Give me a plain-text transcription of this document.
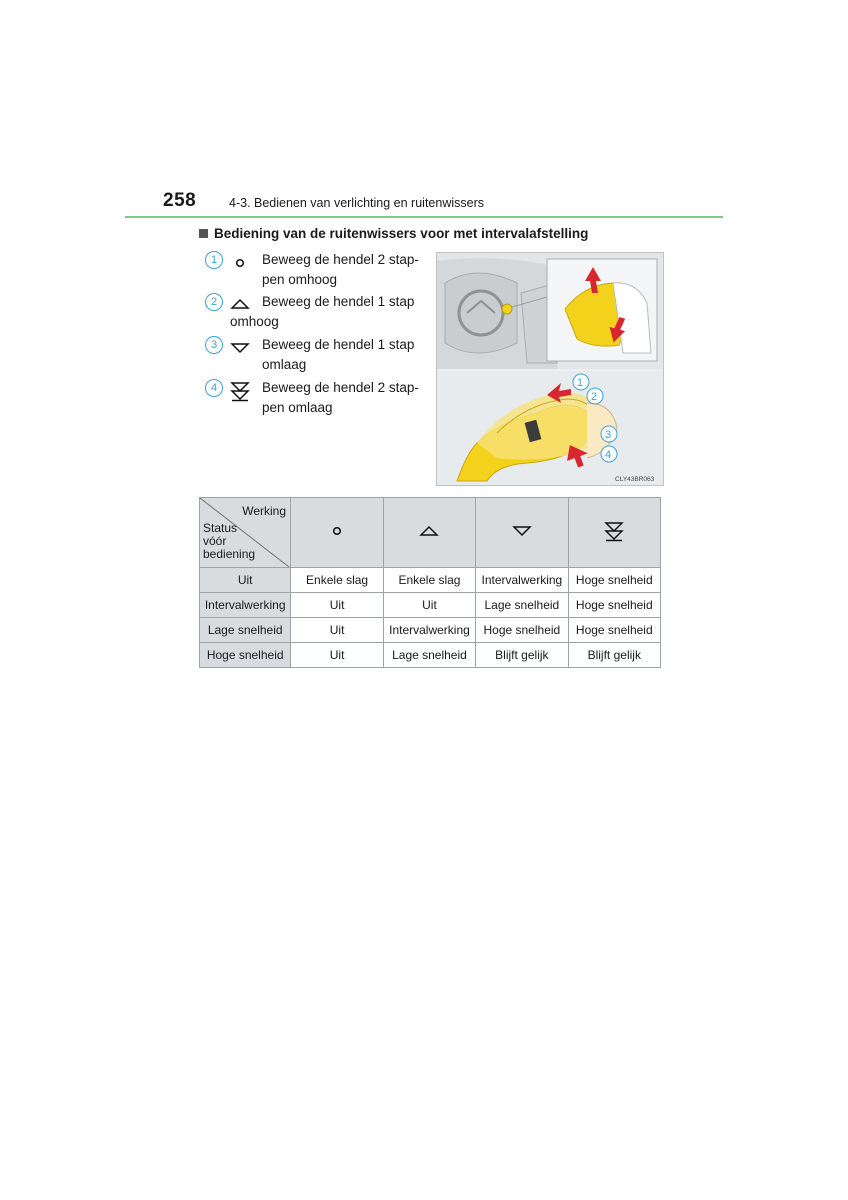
258	4-3. Bedienen van verlichting en ruitenwissers
Bediening van de ruitenwissers voor met intervalafstelling
1	Beweeg de hendel 2 stap-
pen omhoog
2	Beweeg de hendel 1 stap
omhoog
3	Beweeg de hendel 1 stap
omlaag
4	Beweeg de hendel 2 stap-
pen omlaag
1
2
3
4
CLY43BR063
Werking
Status vóór bediening

Uit	Enkele slag	Enkele slag	Intervalwerking	Hoge snelheid
Intervalwerking	Uit	Uit	Lage snelheid	Hoge snelheid
Lage snelheid	Uit	Intervalwerking	Hoge snelheid	Hoge snelheid
Hoge snelheid	Uit	Lage snelheid	Blijft gelijk	Blijft gelijk
